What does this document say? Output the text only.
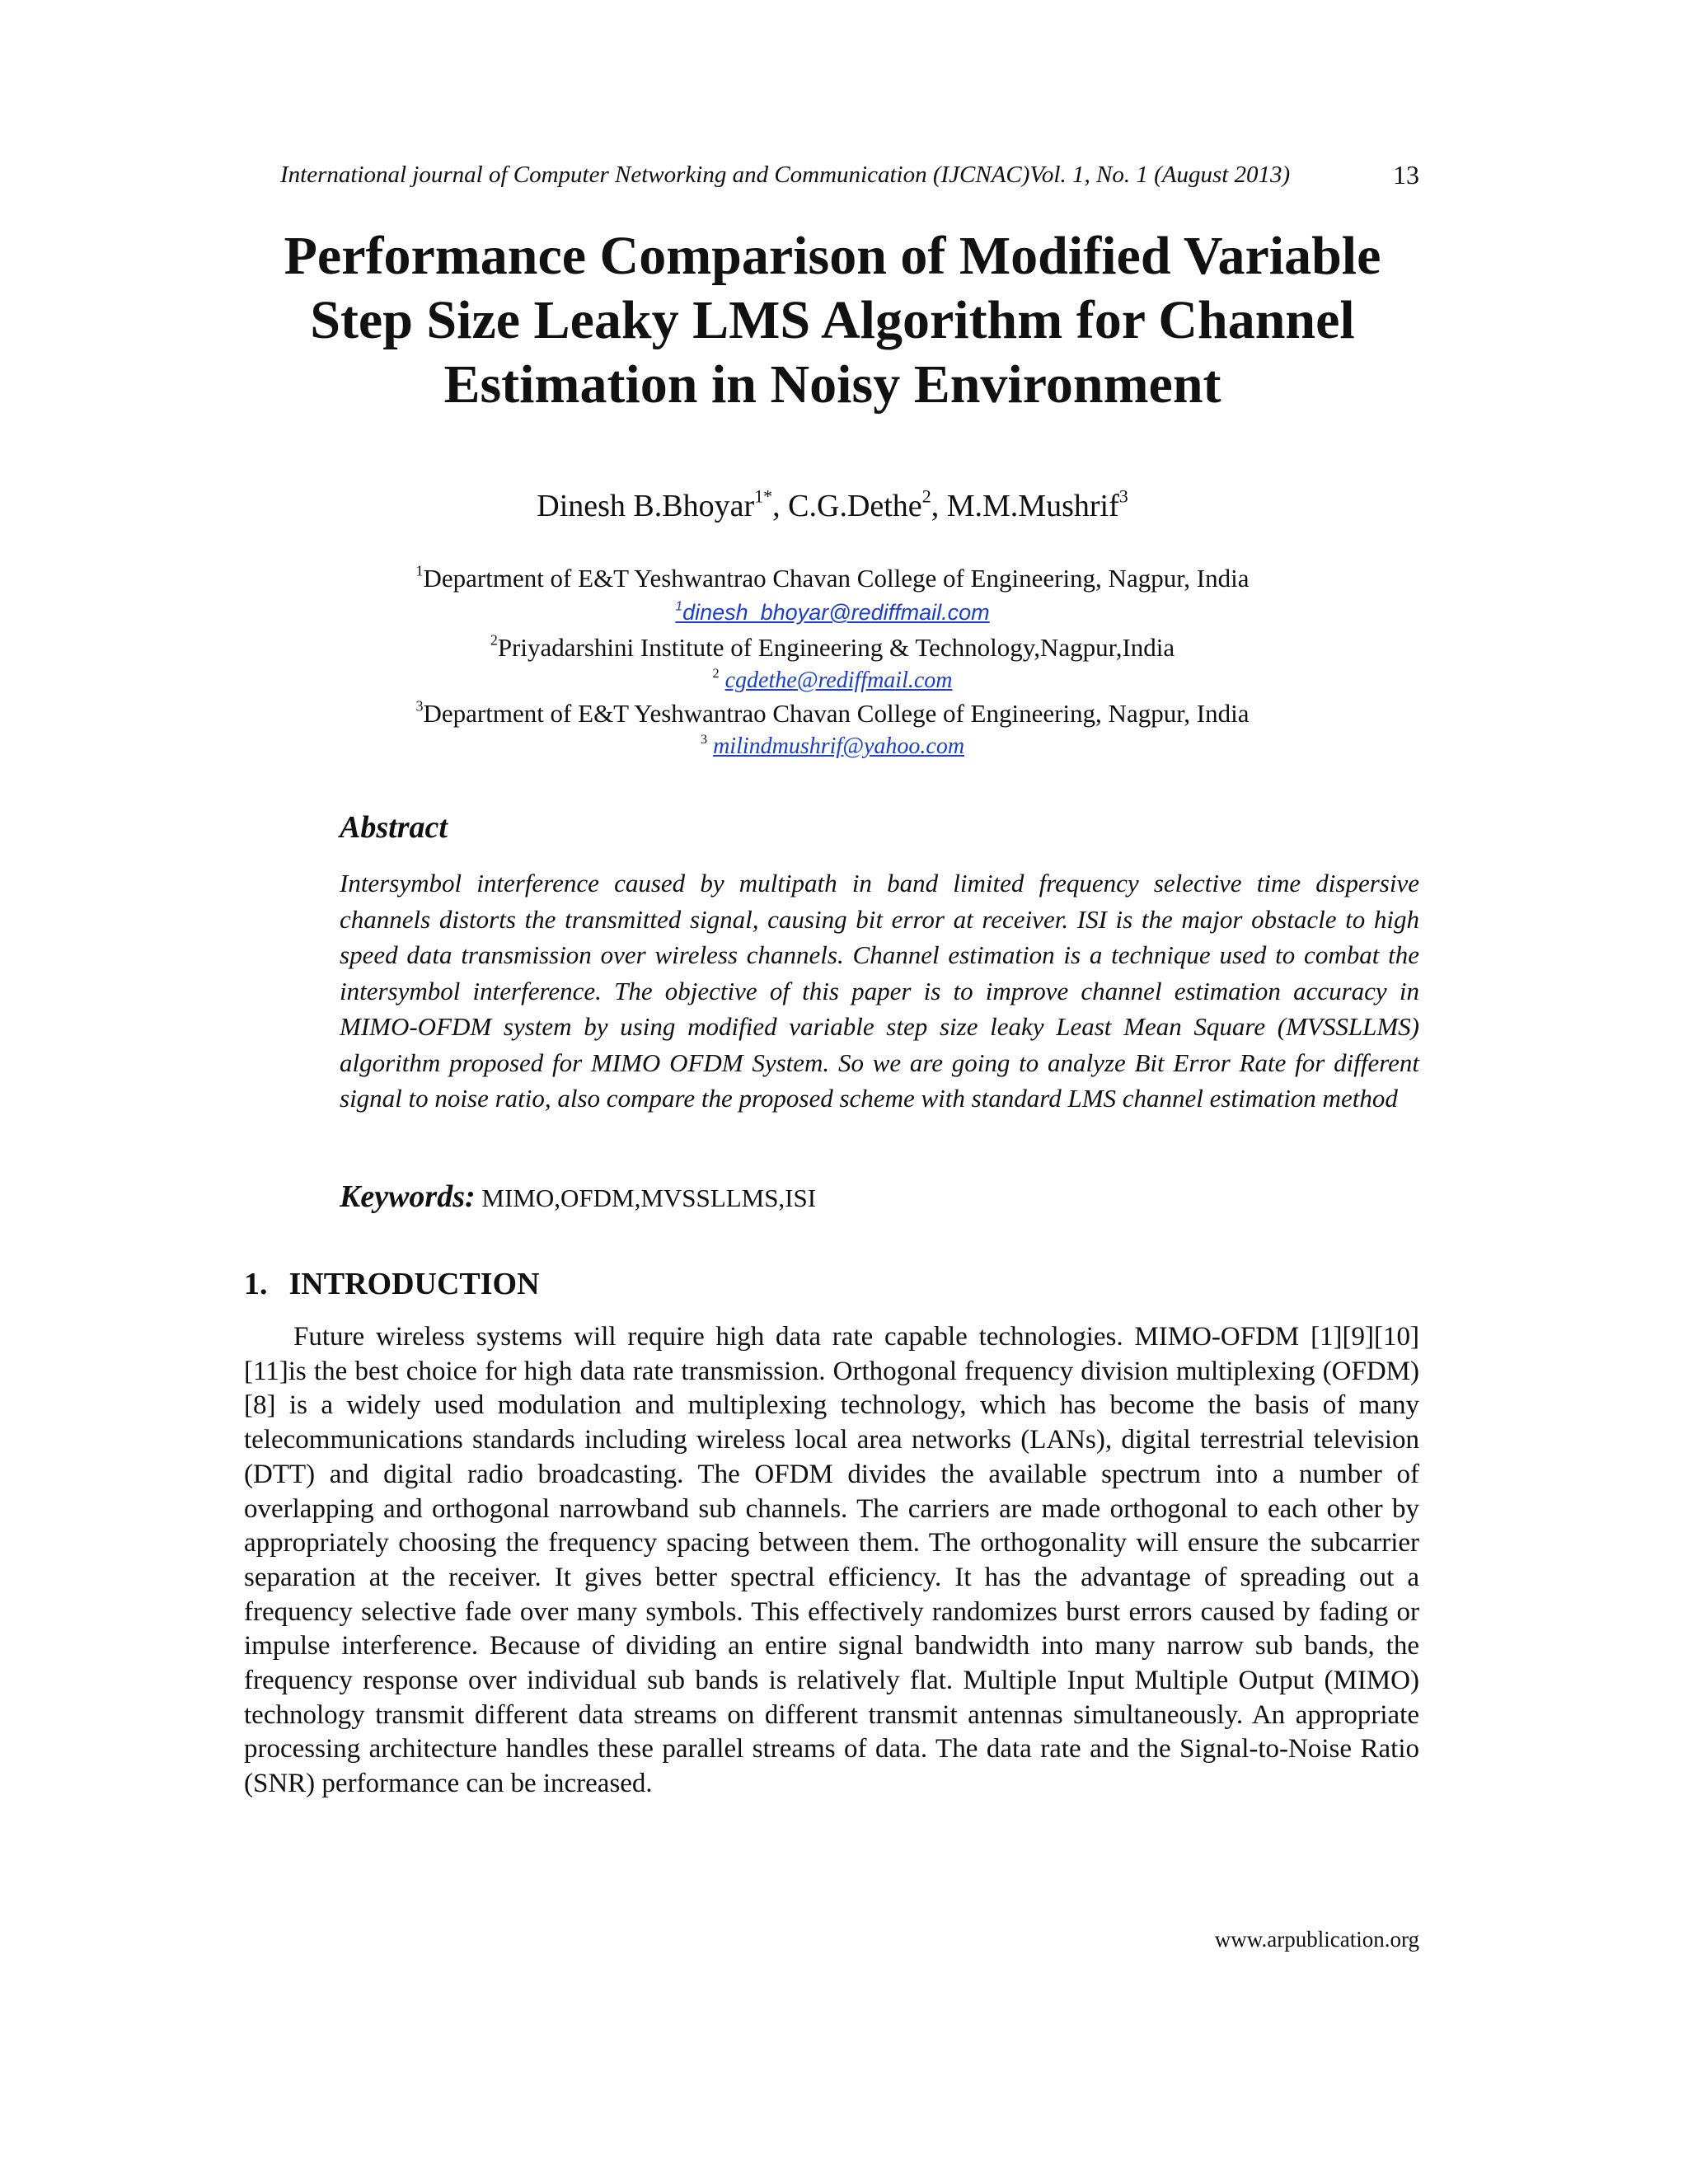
International journal of Computer Networking and Communication (IJCNAC)Vol. 1, No. 1 (August 2013)	13
Performance Comparison of Modified Variable
Step Size Leaky LMS Algorithm for Channel
Estimation in Noisy Environment
Dinesh B.Bhoyar$^{1*}$, C.G.Dethe$^2$, M.M.Mushrif$^3$
$^1$Department of E&T Yeshwantrao Chavan College of Engineering, Nagpur, India
$^1$dinesh_bhoyar@rediffmail.com
$^2$Priyadarshini Institute of Engineering & Technology,Nagpur,India
$^2$ cgdethe@rediffmail.com
$^3$Department of E&T Yeshwantrao Chavan College of Engineering, Nagpur, India
$^3$ milindmushrif@yahoo.com
Abstract

Intersymbol interference caused by multipath in band limited frequency selective time dispersive channels distorts the transmitted signal, causing bit error at receiver. ISI is the major obstacle to high speed data transmission over wireless channels. Channel estimation is a technique used to combat the intersymbol interference. The objective of this paper is to improve channel estimation accuracy in MIMO-OFDM system by using modified variable step size leaky Least Mean Square (MVSSLLMS) algorithm proposed for MIMO OFDM System. So we are going to analyze Bit Error Rate for different signal to noise ratio, also compare the proposed scheme with standard LMS channel estimation method

Keywords: MIMO,OFDM,MVSSLLMS,ISI
1. INTRODUCTION

Future wireless systems will require high data rate capable technologies. MIMO-OFDM [1][9][10][11]is the best choice for high data rate transmission. Orthogonal frequency division multiplexing (OFDM)[8] is a widely used modulation and multiplexing technology, which has become the basis of many telecommunications standards including wireless local area networks (LANs), digital terrestrial television (DTT) and digital radio broadcasting. The OFDM divides the available spectrum into a number of overlapping and orthogonal narrowband sub channels. The carriers are made orthogonal to each other by appropriately choosing the frequency spacing between them. The orthogonality will ensure the subcarrier separation at the receiver. It gives better spectral efficiency. It has the advantage of spreading out a frequency selective fade over many symbols. This effectively randomizes burst errors caused by fading or impulse interference. Because of dividing an entire signal bandwidth into many narrow sub bands, the frequency response over individual sub bands is relatively flat. Multiple Input Multiple Output (MIMO) technology transmit different data streams on different transmit antennas simultaneously. An appropriate processing architecture handles these parallel streams of data. The data rate and the Signal-to-Noise Ratio (SNR) performance can be increased.

www.arpublication.org
